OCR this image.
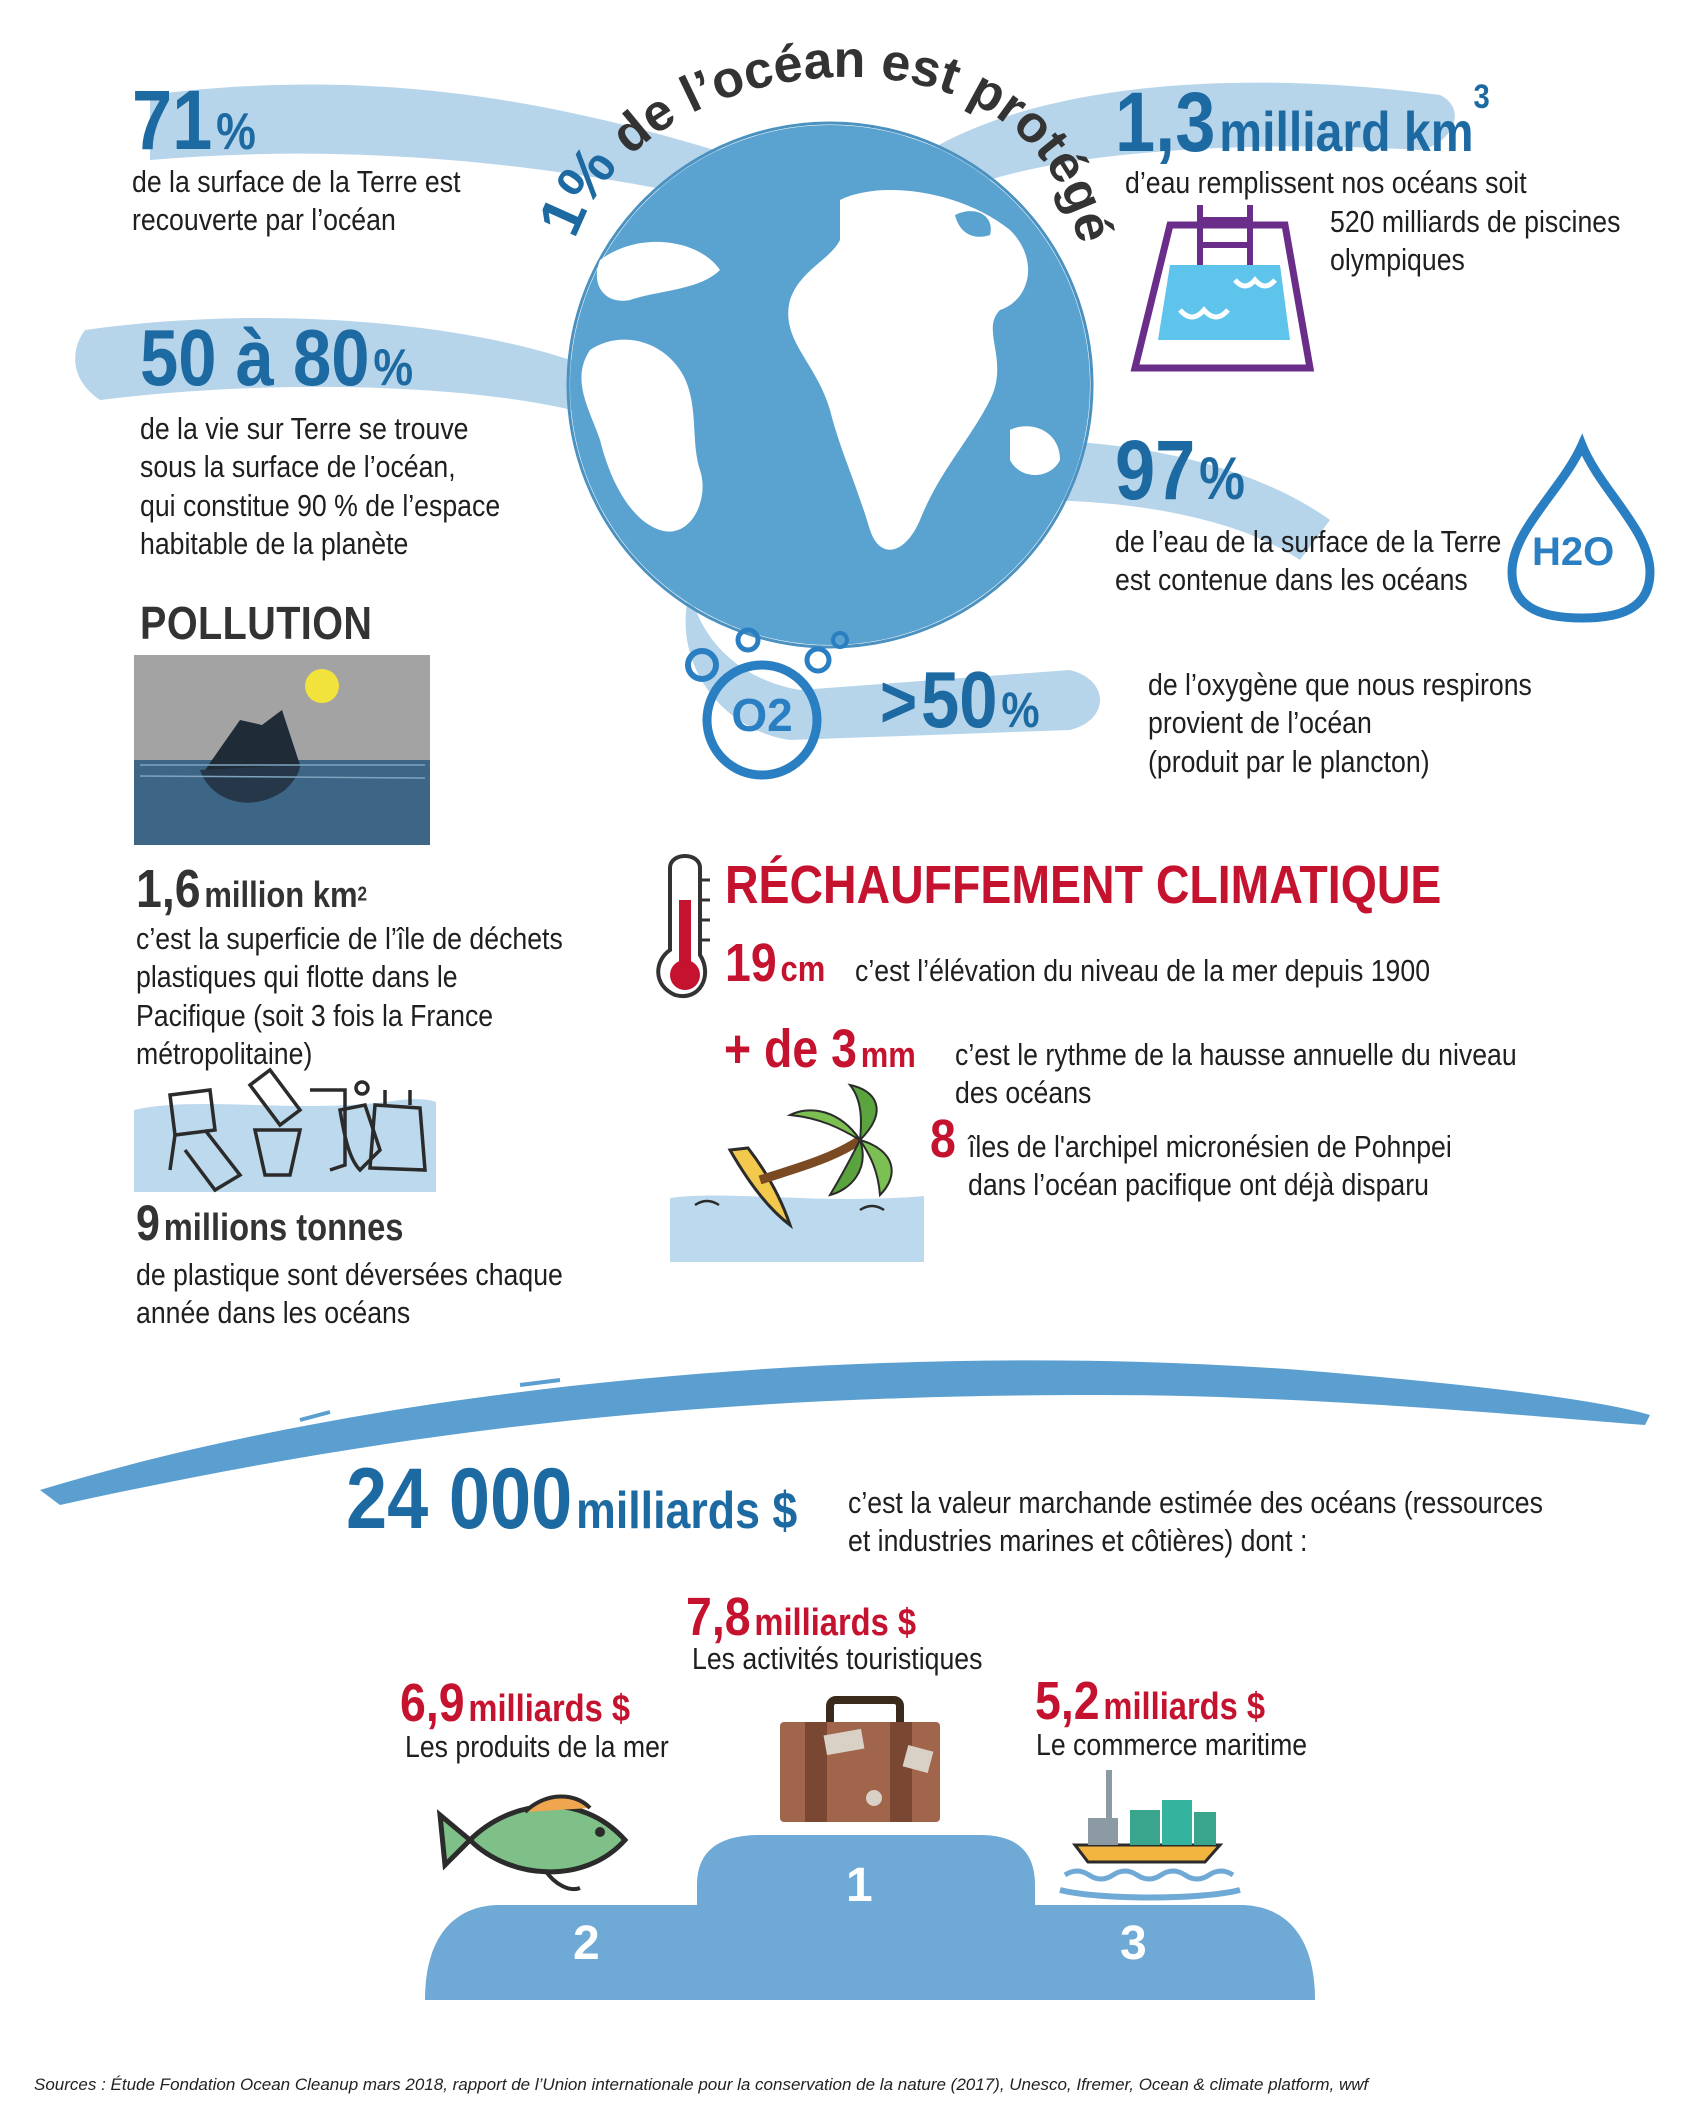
O2
1% de l’océan est protégé
71 %
de la surface de la Terre est
recouverte par l’océan
50 à 80 %
de la vie sur Terre se trouve
sous la surface de l’océan,
qui constitue 90 % de l’espace
habitable de la planète
1,3 milliard $km^3$
d’eau remplissent nos océans soit
520 milliards de piscines
olympiques
97 %
de l’eau de la surface de la Terre
est contenue dans les océans
H2O
> 50 %	de l’oxygène que nous respirons
provient de l’océan
(produit par le plancton)
POLLUTION
1,6 million $km^2$
c’est la superficie de l’île de déchets
plastiques qui flotte dans le
Pacifique (soit 3 fois la France
métropolitaine)
9 millions tonnes
de plastique sont déversées chaque
année dans les océans
RÉCHAUFFEMENT CLIMATIQUE
19 cm c’est l’élévation du niveau de la mer depuis 1900
+ de 3 mm	c’est le rythme de la hausse annuelle du niveau
des océans
8 îles de l'archipel micronésien de Pohnpei
dans l’océan pacifique ont déjà disparu
24 000 milliards $	c’est la valeur marchande estimée des océans (ressources
et industries marines et côtières) dont :
7,8 milliards $
Les activités touristiques
6,9 milliards $
Les produits de la mer
5,2 milliards $
Le commerce maritime
1
2	3
Sources : Étude Fondation Ocean Cleanup mars 2018, rapport de l’Union internationale pour la conservation de la nature (2017), Unesco, Ifremer, Ocean & climate platform, wwf
